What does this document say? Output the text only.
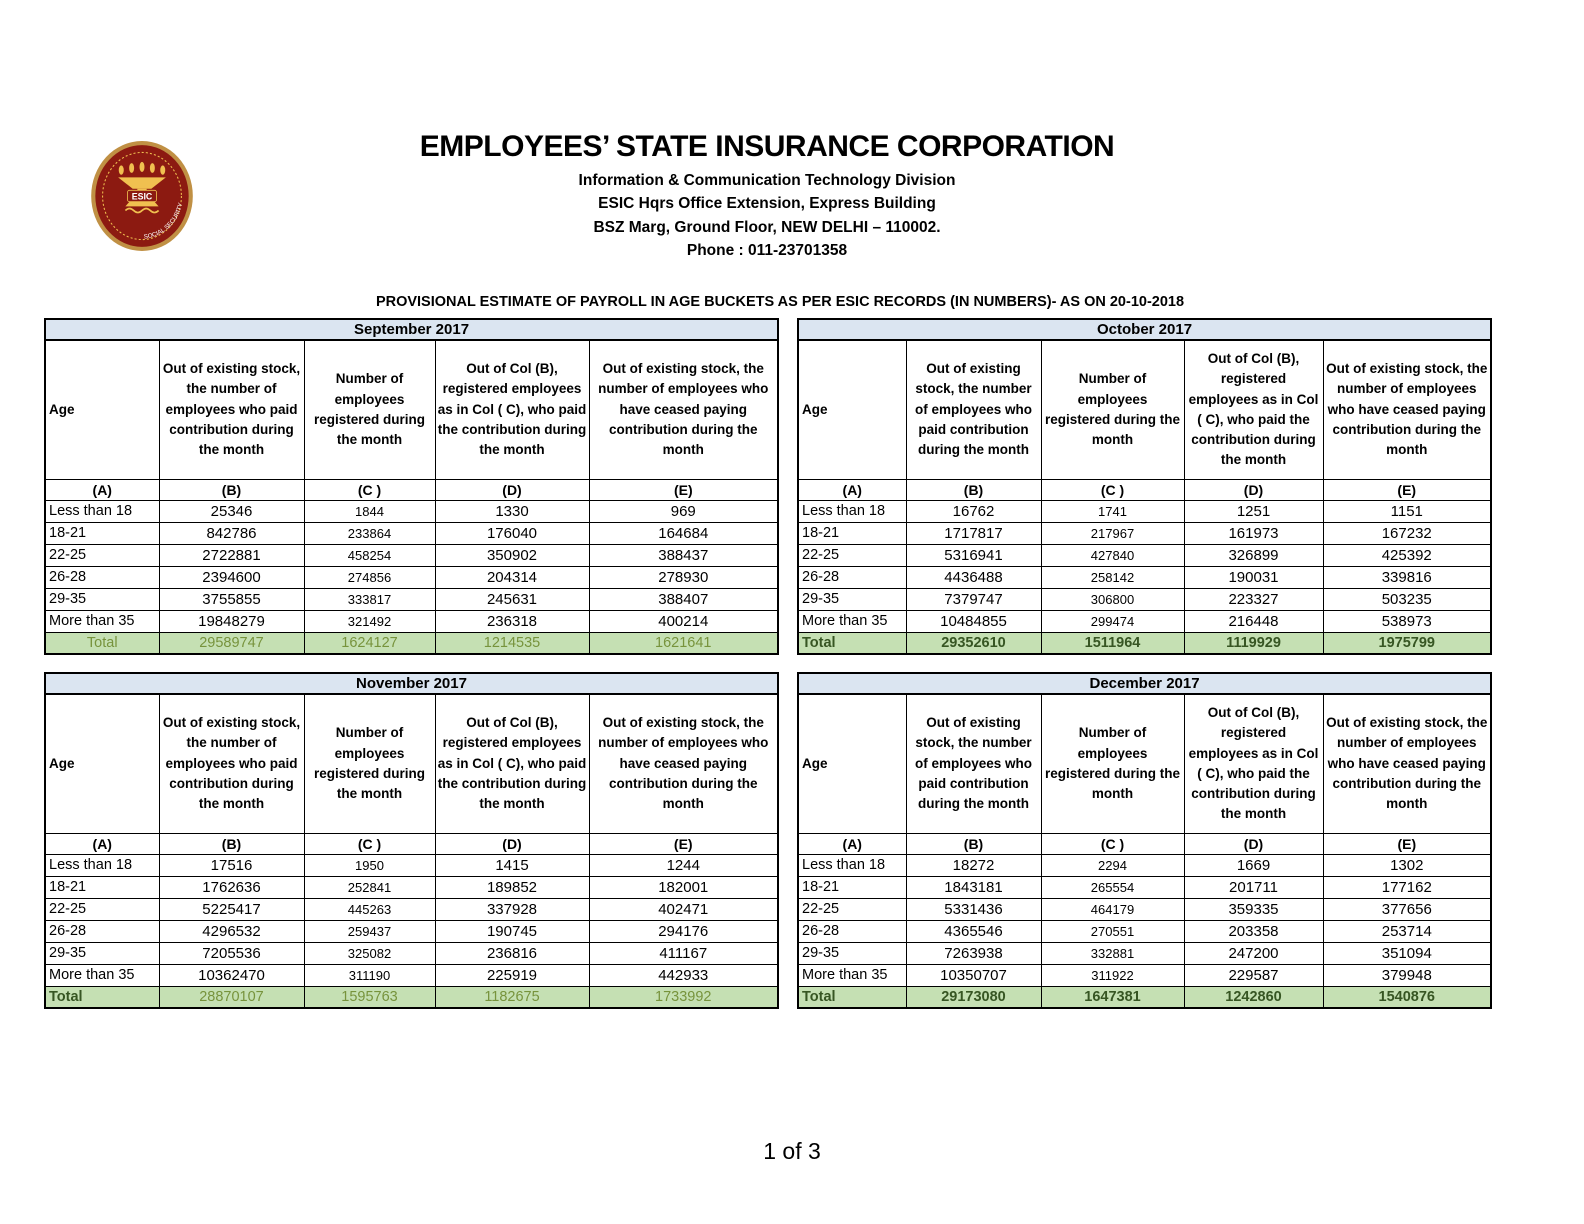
ESIC
SOCIAL SECURITY
EMPLOYEES’ STATE INSURANCE CORPORATION
Information & Communication Technology Division
ESIC Hqrs Office Extension, Express Building
BSZ Marg, Ground Floor, NEW DELHI – 110002.
Phone : 011-23701358
PROVISIONAL ESTIMATE OF PAYROLL IN AGE BUCKETS AS PER ESIC RECORDS (IN NUMBERS)- AS ON 20-10-2018
September 2017				
Age	Out of existing stock, the number of employees who paid contribution during the month	Number of employees registered during the month	Out of Col (B), registered employees as in Col ( C), who paid the contribution during the month	Out of existing stock, the number of employees who have ceased paying contribution during the month
(A)	(B)	(C )	(D)	(E)
Less than 18	25346	1844	1330	969
18-21	842786	233864	176040	164684
22-25	2722881	458254	350902	388437
26-28	2394600	274856	204314	278930
29-35	3755855	333817	245631	388407
More than 35	19848279	321492	236318	400214
Total	29589747	1624127	1214535	1621641
October 2017				
Age	Out of existing stock, the number of employees who paid contribution during the month	Number of employees registered during the month	Out of Col (B), registered employees as in Col ( C), who paid the contribution during the month	Out of existing stock, the number of employees who have ceased paying contribution during the month
(A)	(B)	(C )	(D)	(E)
Less than 18	16762	1741	1251	1151
18-21	1717817	217967	161973	167232
22-25	5316941	427840	326899	425392
26-28	4436488	258142	190031	339816
29-35	7379747	306800	223327	503235
More than 35	10484855	299474	216448	538973
Total	29352610	1511964	1119929	1975799
November 2017				
Age	Out of existing stock, the number of employees who paid contribution during the month	Number of employees registered during the month	Out of Col (B), registered employees as in Col ( C), who paid the contribution during the month	Out of existing stock, the number of employees who have ceased paying contribution during the month
(A)	(B)	(C )	(D)	(E)
Less than 18	17516	1950	1415	1244
18-21	1762636	252841	189852	182001
22-25	5225417	445263	337928	402471
26-28	4296532	259437	190745	294176
29-35	7205536	325082	236816	411167
More than 35	10362470	311190	225919	442933
Total	28870107	1595763	1182675	1733992
December 2017				
Age	Out of existing stock, the number of employees who paid contribution during the month	Number of employees registered during the month	Out of Col (B), registered employees as in Col ( C), who paid the contribution during the month	Out of existing stock, the number of employees who have ceased paying contribution during the month
(A)	(B)	(C )	(D)	(E)
Less than 18	18272	2294	1669	1302
18-21	1843181	265554	201711	177162
22-25	5331436	464179	359335	377656
26-28	4365546	270551	203358	253714
29-35	7263938	332881	247200	351094
More than 35	10350707	311922	229587	379948
Total	29173080	1647381	1242860	1540876
1 of 3
